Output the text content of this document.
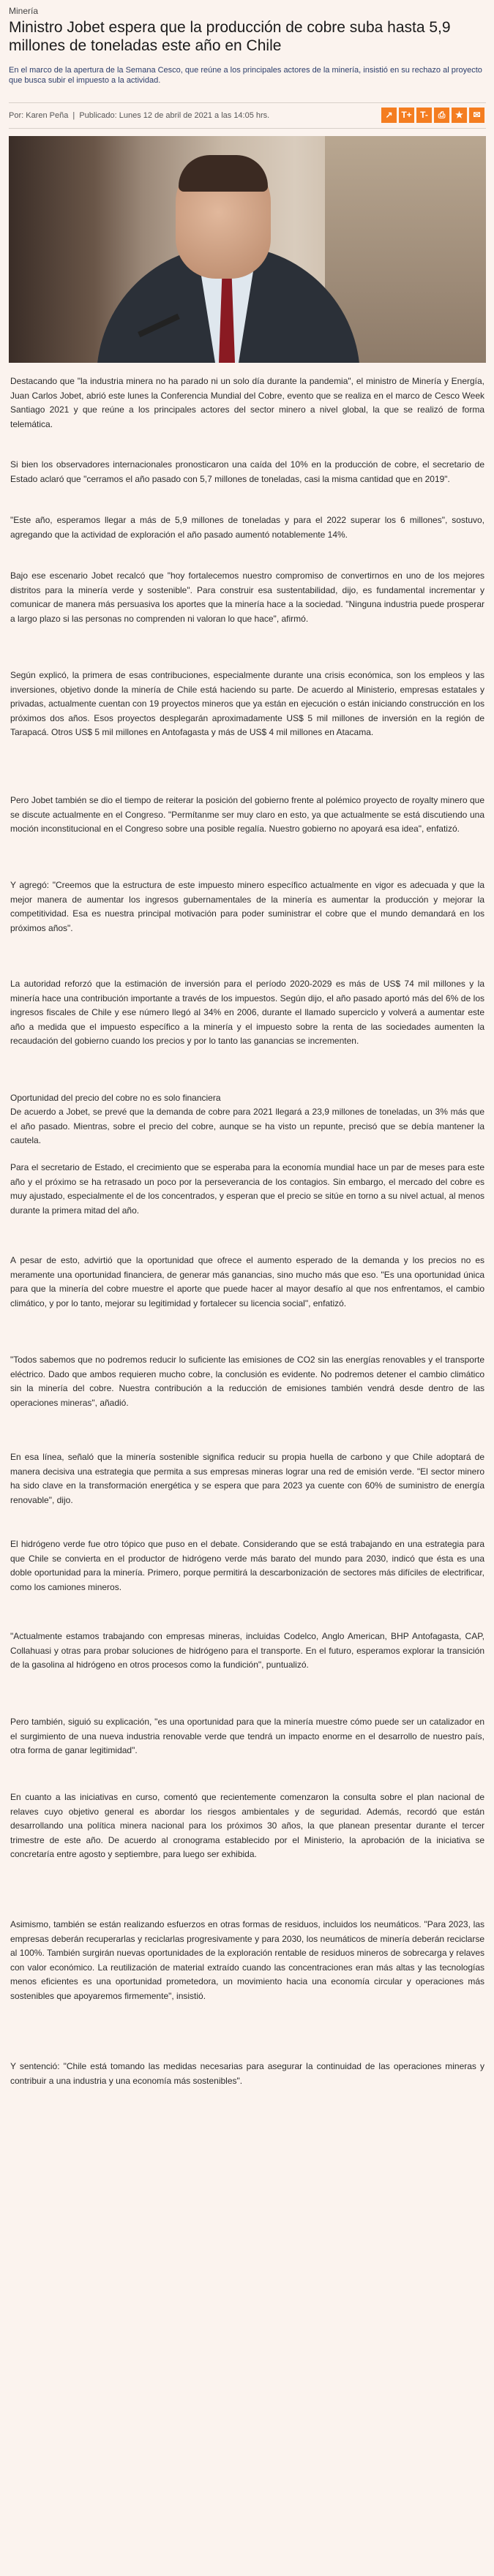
Minería
Ministro Jobet espera que la producción de cobre suba hasta 5,9 millones de toneladas este año en Chile

En el marco de la apertura de la Semana Cesco, que reúne a los principales actores de la minería, insistió en su rechazo al proyecto que busca subir el impuesto a la actividad.

Por: Karen Peña | Publicado: Lunes 12 de abril de 2021 a las 14:05 hrs.	↗ T+ T-	⎙	★	✉

Destacando que "la industria minera no ha parado ni un solo día durante la pandemia", el ministro de Minería y Energía, Juan Carlos Jobet, abrió este lunes la Conferencia Mundial del Cobre, evento que se realiza en el marco de Cesco Week Santiago 2021 y que reúne a los principales actores del sector minero a nivel global, la que se realizó de forma telemática.

Si bien los observadores internacionales pronosticaron una caída del 10% en la producción de cobre, el secretario de Estado aclaró que "cerramos el año pasado con 5,7 millones de toneladas, casi la misma cantidad que en 2019".

"Este año, esperamos llegar a más de 5,9 millones de toneladas y para el 2022 superar los 6 millones", sostuvo, agregando que la actividad de exploración el año pasado aumentó notablemente 14%.

Bajo ese escenario Jobet recalcó que "hoy fortalecemos nuestro compromiso de convertirnos en uno de los mejores distritos para la minería verde y sostenible". Para construir esa sustentabilidad, dijo, es fundamental incrementar y comunicar de manera más persuasiva los aportes que la minería hace a la sociedad. "Ninguna industria puede prosperar a largo plazo si las personas no comprenden ni valoran lo que hace", afirmó.

Según explicó, la primera de esas contribuciones, especialmente durante una crisis económica, son los empleos y las inversiones, objetivo donde la minería de Chile está haciendo su parte. De acuerdo al Ministerio, empresas estatales y privadas, actualmente cuentan con 19 proyectos mineros que ya están en ejecución o están iniciando construcción en los próximos dos años. Esos proyectos desplegarán aproximadamente US$ 5 mil millones de inversión en la región de Tarapacá. Otros US$ 5 mil millones en Antofagasta y más de US$ 4 mil millones en Atacama.

Pero Jobet también se dio el tiempo de reiterar la posición del gobierno frente al polémico proyecto de royalty minero que se discute actualmente en el Congreso. "Permítanme ser muy claro en esto, ya que actualmente se está discutiendo una moción inconstitucional en el Congreso sobre una posible regalía. Nuestro gobierno no apoyará esa idea", enfatizó.

Y agregó: "Creemos que la estructura de este impuesto minero específico actualmente en vigor es adecuada y que la mejor manera de aumentar los ingresos gubernamentales de la minería es aumentar la producción y mejorar la competitividad. Esa es nuestra principal motivación para poder suministrar el cobre que el mundo demandará en los próximos años".

La autoridad reforzó que la estimación de inversión para el período 2020-2029 es más de US$ 74 mil millones y la minería hace una contribución importante a través de los impuestos. Según dijo, el año pasado aportó más del 6% de los ingresos fiscales de Chile y ese número llegó al 34% en 2006, durante el llamado superciclo y volverá a aumentar este año a medida que el impuesto específico a la minería y el impuesto sobre la renta de las sociedades aumenten la recaudación del gobierno cuando los precios y por lo tanto las ganancias se incrementen.

Oportunidad del precio del cobre no es solo financiera

De acuerdo a Jobet, se prevé que la demanda de cobre para 2021 llegará a 23,9 millones de toneladas, un 3% más que el año pasado. Mientras, sobre el precio del cobre, aunque se ha visto un repunte, precisó que se debía mantener la cautela.

Para el secretario de Estado, el crecimiento que se esperaba para la economía mundial hace un par de meses para este año y el próximo se ha retrasado un poco por la perseverancia de los contagios. Sin embargo, el mercado del cobre es muy ajustado, especialmente el de los concentrados, y esperan que el precio se sitúe en torno a su nivel actual, al menos durante la primera mitad del año.

A pesar de esto, advirtió que la oportunidad que ofrece el aumento esperado de la demanda y los precios no es meramente una oportunidad financiera, de generar más ganancias, sino mucho más que eso. "Es una oportunidad única para que la minería del cobre muestre el aporte que puede hacer al mayor desafío al que nos enfrentamos, el cambio climático, y por lo tanto, mejorar su legitimidad y fortalecer su licencia social", enfatizó.

"Todos sabemos que no podremos reducir lo suficiente las emisiones de CO2 sin las energías renovables y el transporte eléctrico. Dado que ambos requieren mucho cobre, la conclusión es evidente. No podremos detener el cambio climático sin la minería del cobre. Nuestra contribución a la reducción de emisiones también vendrá desde dentro de las operaciones mineras", añadió.

En esa línea, señaló que la minería sostenible significa reducir su propia huella de carbono y que Chile adoptará de manera decisiva una estrategia que permita a sus empresas mineras lograr una red de emisión verde. "El sector minero ha sido clave en la transformación energética y se espera que para 2023 ya cuente con 60% de suministro de energía renovable", dijo.

El hidrógeno verde fue otro tópico que puso en el debate. Considerando que se está trabajando en una estrategia para que Chile se convierta en el productor de hidrógeno verde más barato del mundo para 2030, indicó que ésta es una doble oportunidad para la minería. Primero, porque permitirá la descarbonización de sectores más difíciles de electrificar, como los camiones mineros.

"Actualmente estamos trabajando con empresas mineras, incluidas Codelco, Anglo American, BHP Antofagasta, CAP, Collahuasi y otras para probar soluciones de hidrógeno para el transporte. En el futuro, esperamos explorar la transición de la gasolina al hidrógeno en otros procesos como la fundición", puntualizó.

Pero también, siguió su explicación, "es una oportunidad para que la minería muestre cómo puede ser un catalizador en el surgimiento de una nueva industria renovable verde que tendrá un impacto enorme en el desarrollo de nuestro país, otra forma de ganar legitimidad".

En cuanto a las iniciativas en curso, comentó que recientemente comenzaron la consulta sobre el plan nacional de relaves cuyo objetivo general es abordar los riesgos ambientales y de seguridad. Además, recordó que están desarrollando una política minera nacional para los próximos 30 años, la que planean presentar durante el tercer trimestre de este año. De acuerdo al cronograma establecido por el Ministerio, la aprobación de la iniciativa se concretaría entre agosto y septiembre, para luego ser exhibida.

Asimismo, también se están realizando esfuerzos en otras formas de residuos, incluidos los neumáticos. "Para 2023, las empresas deberán recuperarlas y reciclarlas progresivamente y para 2030, los neumáticos de minería deberán reciclarse al 100%. También surgirán nuevas oportunidades de la exploración rentable de residuos mineros de sobrecarga y relaves con valor económico. La reutilización de material extraído cuando las concentraciones eran más altas y las tecnologías menos eficientes es una oportunidad prometedora, un movimiento hacia una economía circular y operaciones más sostenibles que apoyaremos firmemente", insistió.

Y sentenció: "Chile está tomando las medidas necesarias para asegurar la continuidad de las operaciones mineras y contribuir a una industria y una economía más sostenibles".
